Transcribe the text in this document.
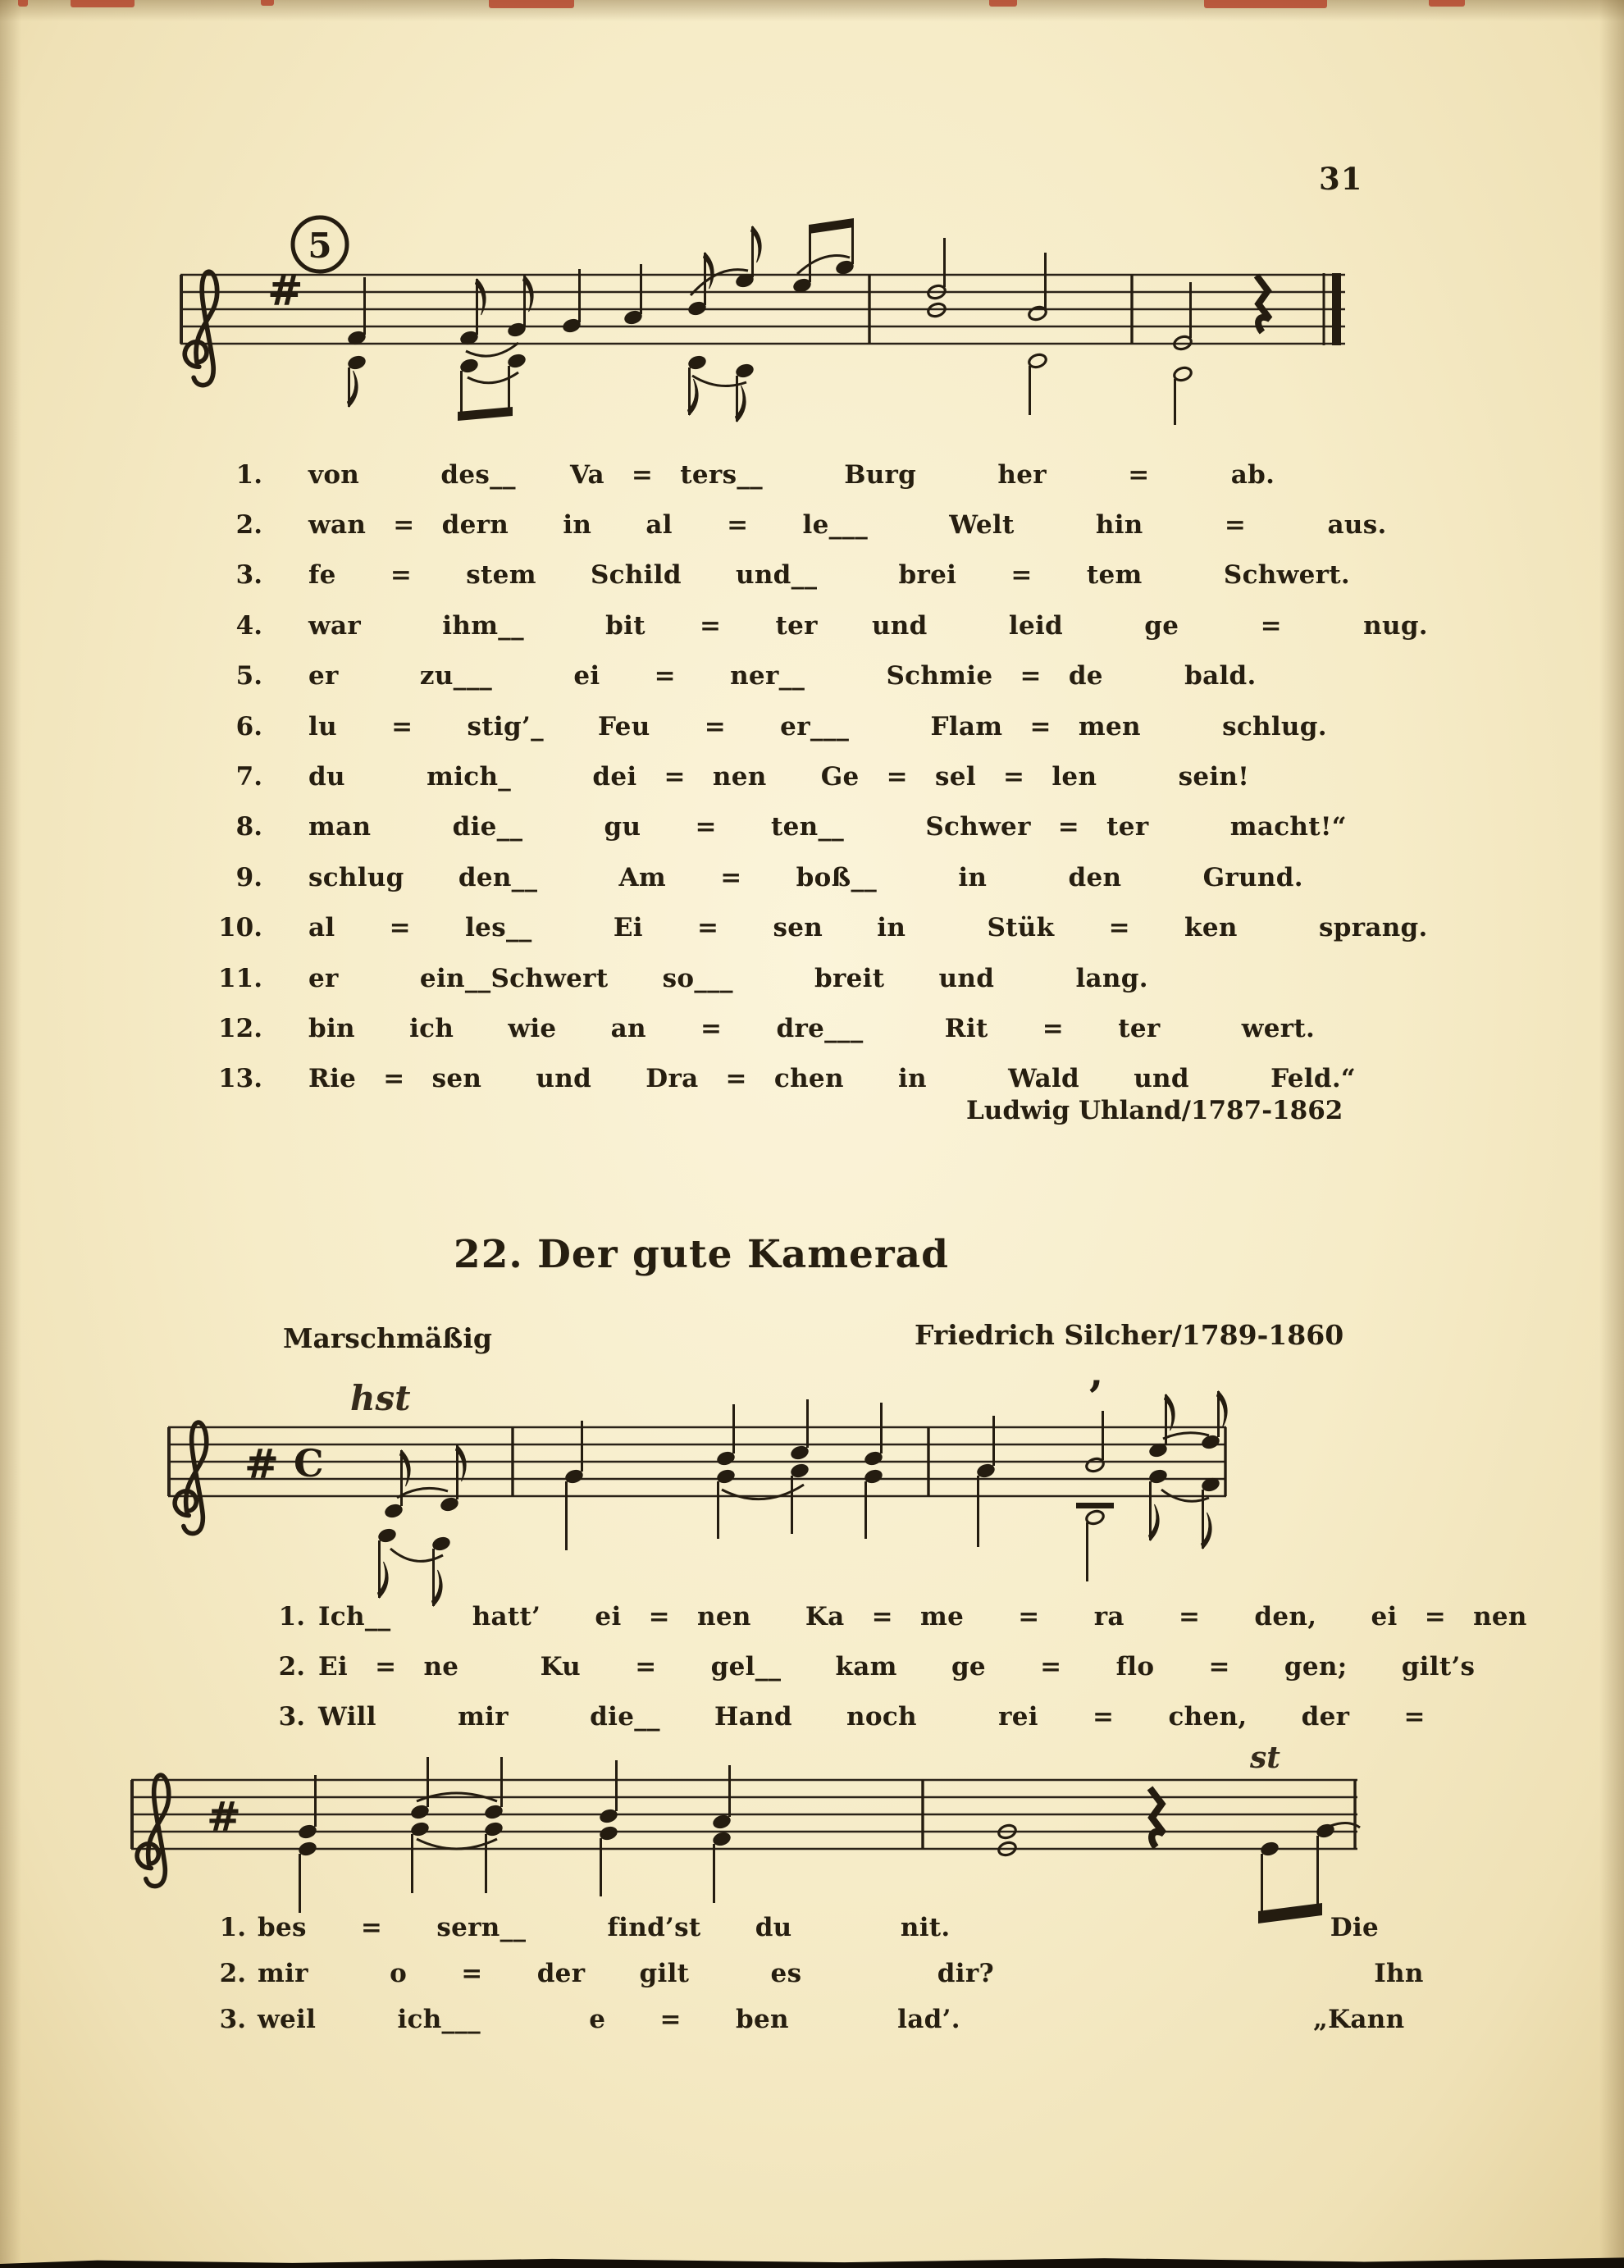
31
5
#
1. von   des__  Va = ters__   Burg   her   =   ab.
2. wan = dern  in  al  =  le___   Welt   hin   =   aus.
3. fe  =  stem  Schild  und__   brei  =  tem   Schwert.
4. war   ihm__   bit  =  ter  und   leid   ge   =   nug.
5. er   zu___   ei  =  ner__   Schmie = de   bald.
6. lu  =  stig’_  Feu  =  er___   Flam = men   schlug.
7. du   mich_   dei = nen  Ge = sel = len   sein!
8. man   die__   gu  =  ten__   Schwer = ter   macht!“
9. schlug  den__   Am  =  boß__   in   den   Grund.
10. al  =  les__   Ei  =  sen  in   Stük  =  ken   sprang.
11. er   ein__Schwert  so___   breit  und   lang.
12. bin  ich  wie  an  =  dre___   Rit  =  ter   wert.
13. Rie = sen  und  Dra = chen  in   Wald  und   Feld.“
Ludwig Uhland/1787-1862
22. Der gute Kamerad
Marschmäßig	Friedrich Silcher/1789-1860
hst
st
# C
’
1. Ich__   hatt’  ei = nen  Ka = me  =  ra  =  den,  ei = nen
2. Ei = ne   Ku  =  gel__  kam  ge  =  flo  =  gen;  gilt’s
3. Will   mir   die__  Hand  noch   rei  =  chen,  der  =
#
1. bes  =  sern__   find’st  du    nit.              Die
2. mir   o  =  der  gilt   es     dir?              Ihn
3. weil   ich___    e  =  ben    lad’.             „Kann
